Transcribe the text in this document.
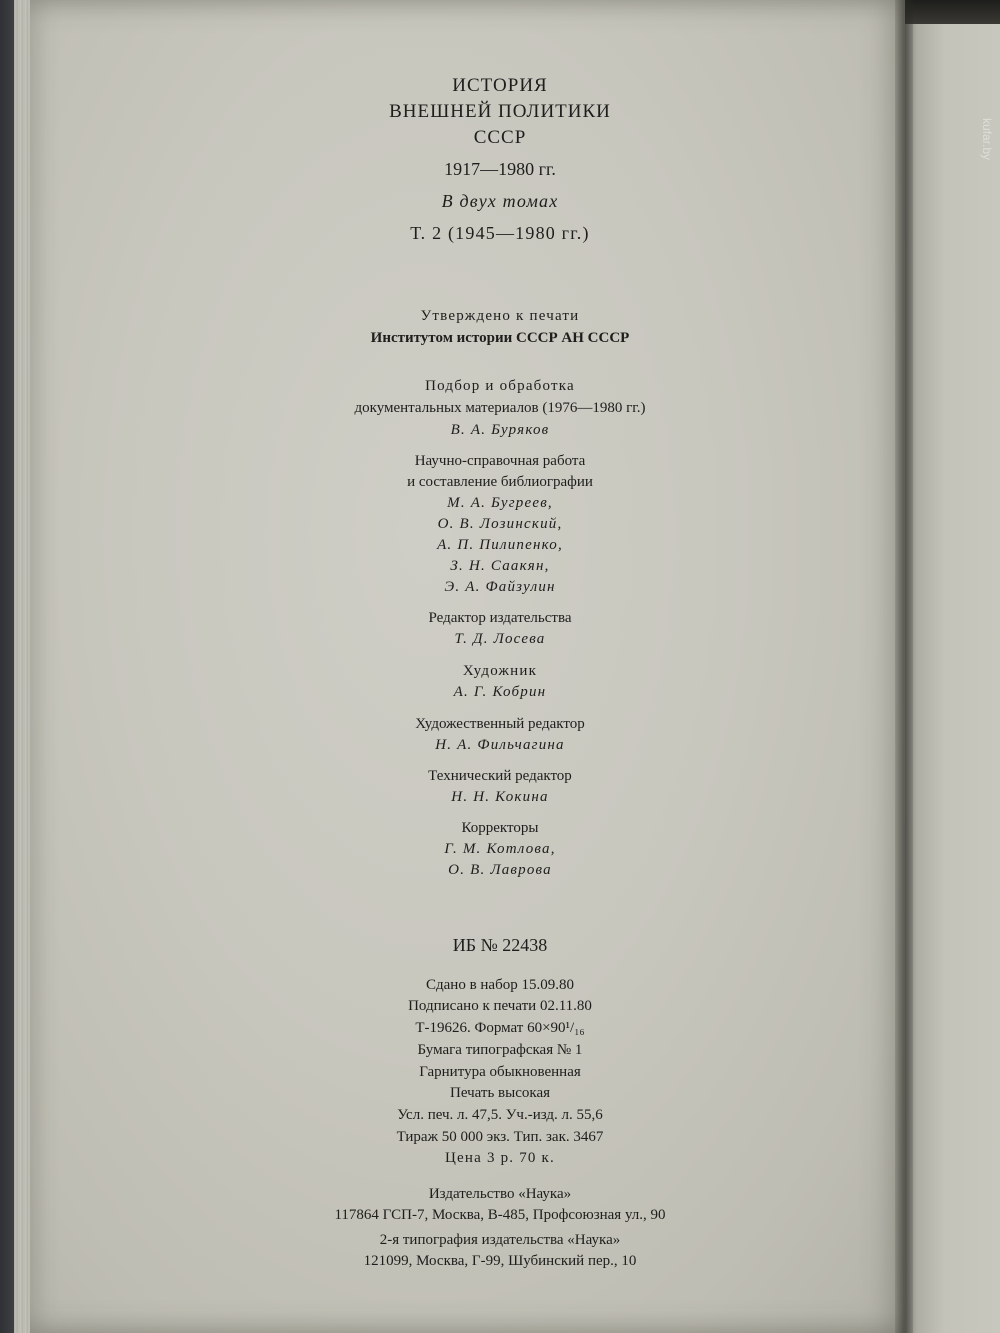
kufar.by
ИСТОРИЯ
ВНЕШНЕЙ ПОЛИТИКИ
СССР
1917—1980 гг.
В двух томах
Т. 2 (1945—1980 гг.)
Утверждено к печати
Институтом истории СССР АН СССР
Подбор и обработка
документальных материалов (1976—1980 гг.)
В. А. Буряков
Научно-справочная работа
и составление библиографии
М. А. Бугреев,
О. В. Лозинский,
А. П. Пилипенко,
З. Н. Саакян,
Э. А. Файзулин
Редактор издательства
Т. Д. Лосева
Художник
А. Г. Кобрин
Художественный редактор
Н. А. Фильчагина
Технический редактор
Н. Н. Кокина
Корректоры
Г. М. Котлова,
О. В. Лаврова
ИБ № 22438
Сдано в набор 15.09.80
Подписано к печати 02.11.80
Т-19626. Формат 60×90¹/₁₆
Бумага типографская № 1
Гарнитура обыкновенная
Печать высокая
Усл. печ. л. 47,5. Уч.-изд. л. 55,6
Тираж 50 000 экз. Тип. зак. 3467
Цена 3 р. 70 к.
Издательство «Наука»
117864 ГСП-7, Москва, В-485, Профсоюзная ул., 90
2-я типография издательства «Наука»
121099, Москва, Г-99, Шубинский пер., 10
